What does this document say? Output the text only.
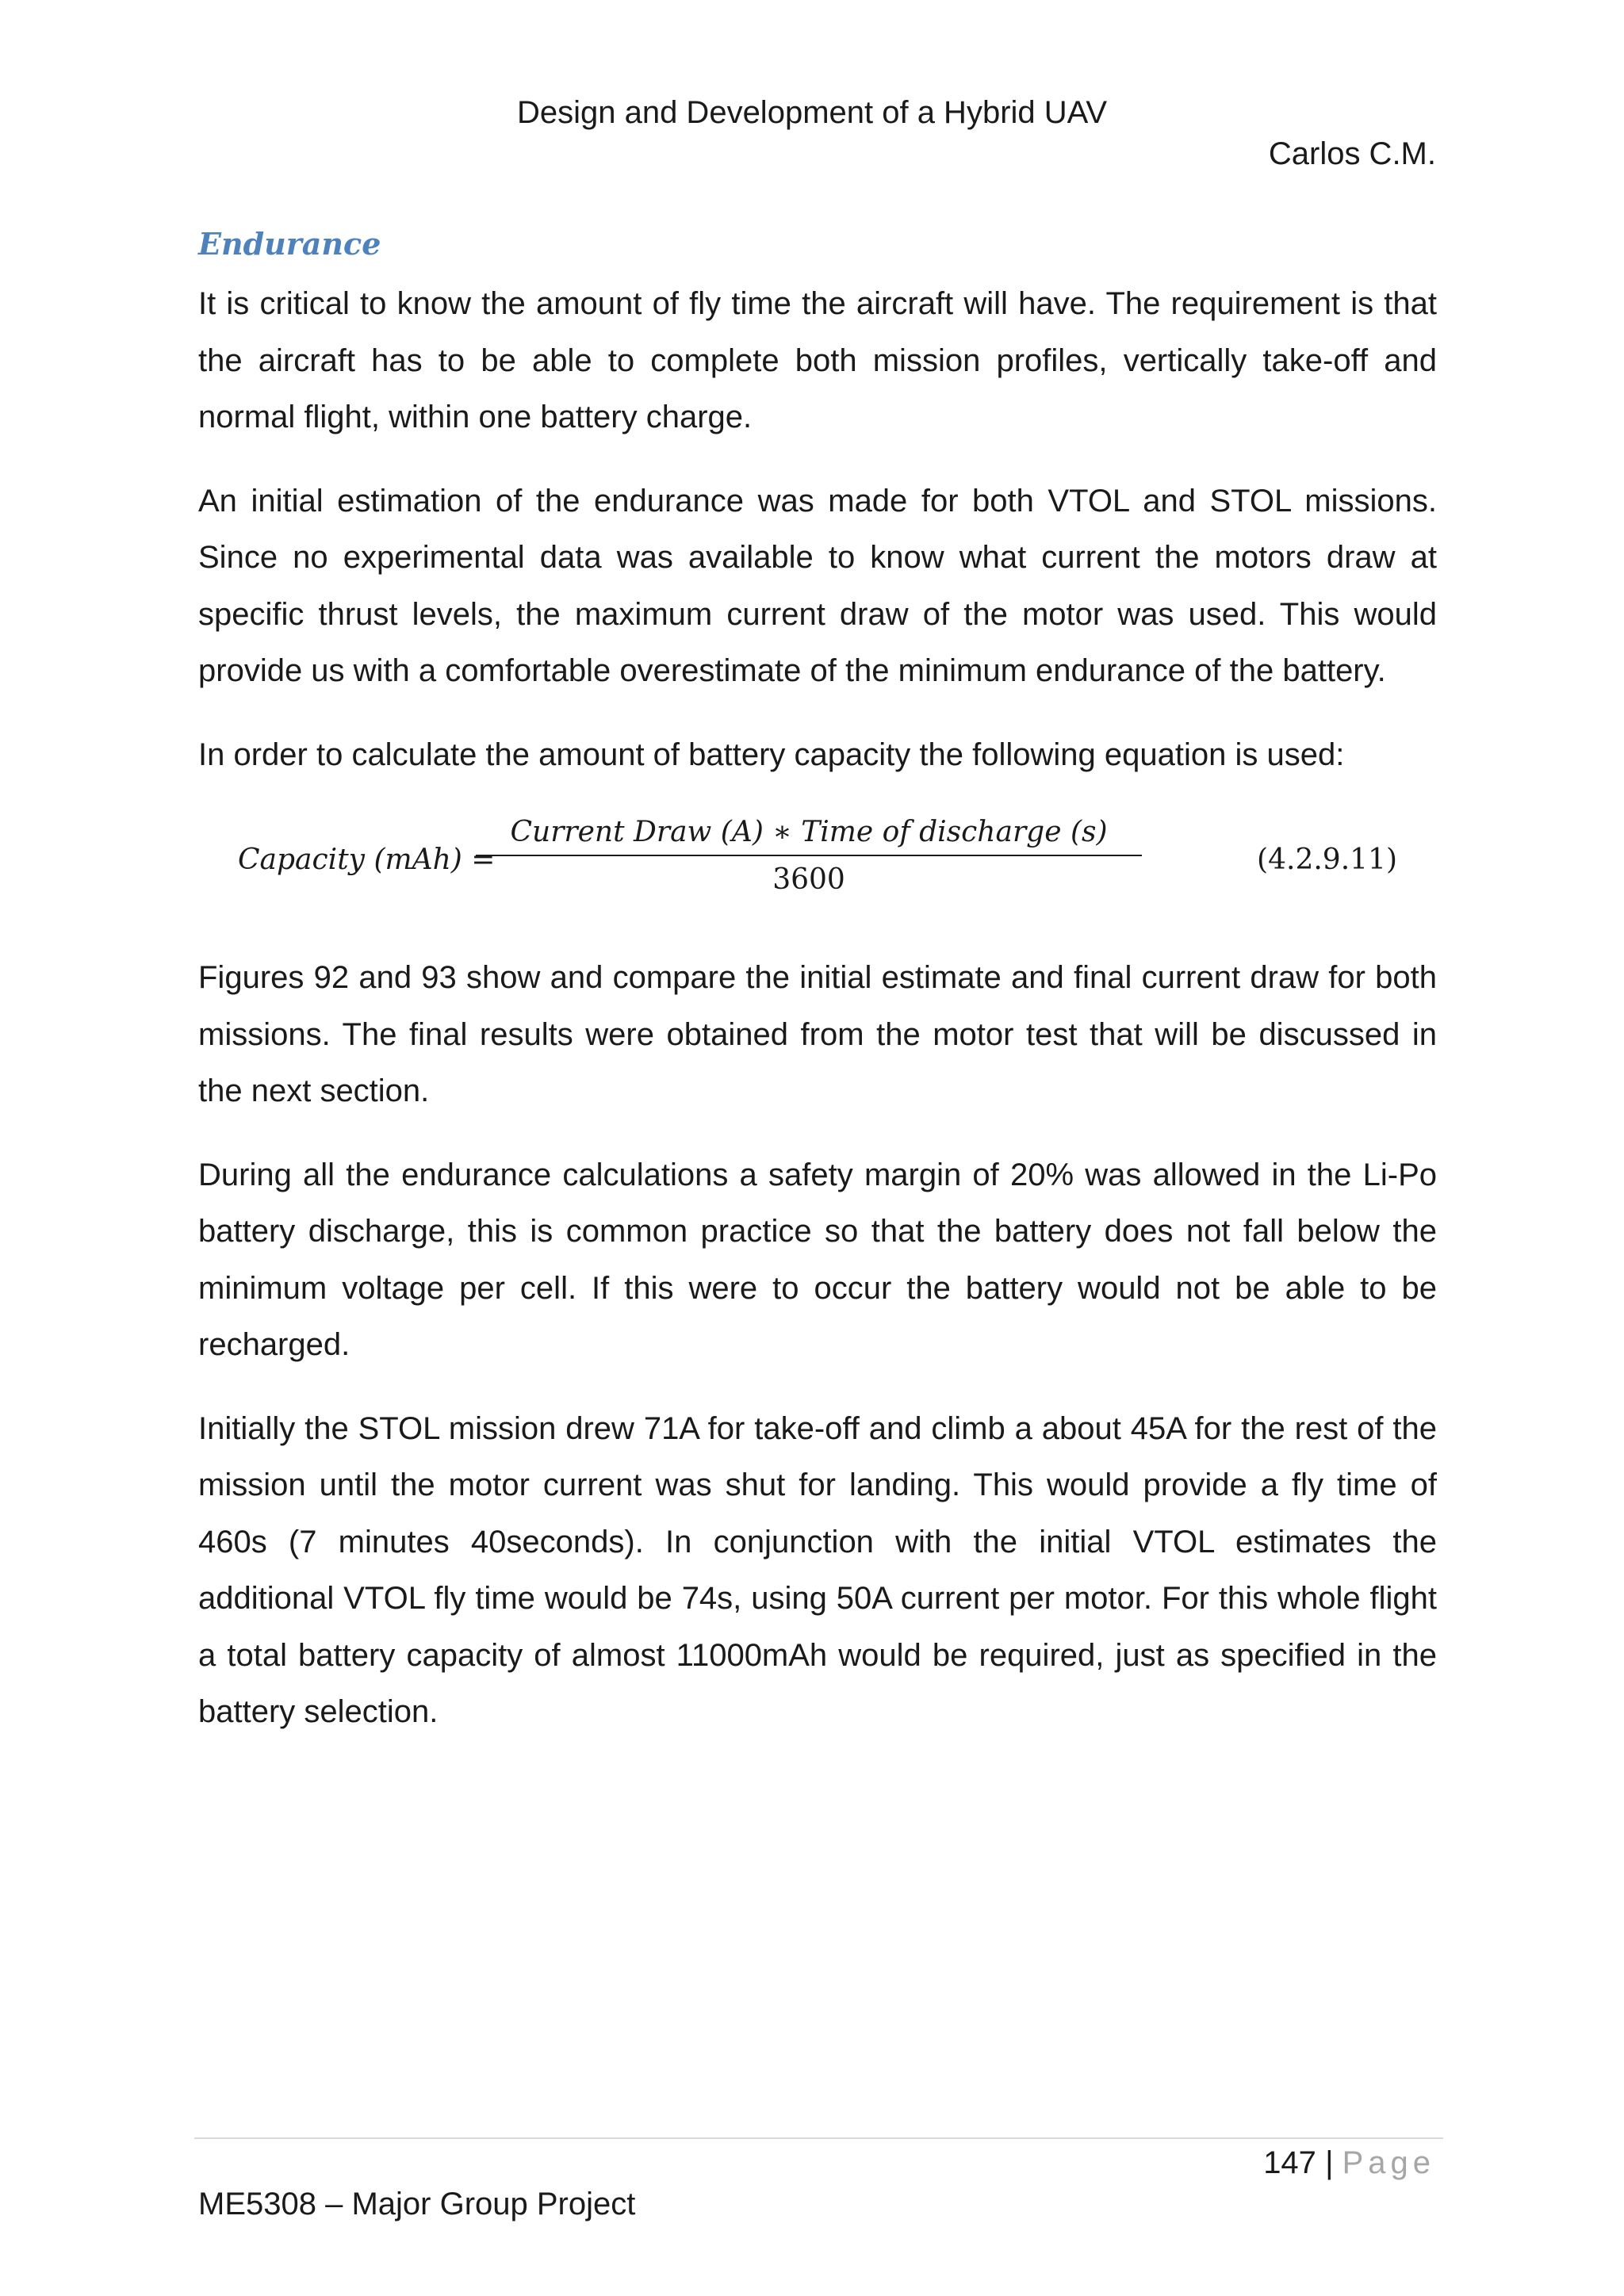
Design and Development of a Hybrid UAV
Carlos C.M.
Endurance

It is critical to know the amount of fly time the aircraft will have. The requirement is that the aircraft has to be able to complete both mission profiles, vertically take-off and normal flight, within one battery charge.

An initial estimation of the endurance was made for both VTOL and STOL missions. Since no experimental data was available to know what current the motors draw at specific thrust levels, the maximum current draw of the motor was used. This would provide us with a comfortable overestimate of the minimum endurance of the battery.

In order to calculate the amount of battery capacity the following equation is used:

Capacity (mAh) =
Current Draw (A) ∗ Time of discharge (s)
3600
(4.2.9.11)

Figures 92 and 93 show and compare the initial estimate and final current draw for both missions. The final results were obtained from the motor test that will be discussed in the next section.

During all the endurance calculations a safety margin of 20% was allowed in the Li-Po battery discharge, this is common practice so that the battery does not fall below the minimum voltage per cell. If this were to occur the battery would not be able to be recharged.

Initially the STOL mission drew 71A for take-off and climb a about 45A for the rest of the mission until the motor current was shut for landing. This would provide a fly time of 460s (7 minutes 40seconds). In conjunction with the initial VTOL estimates the additional VTOL fly time would be 74s, using 50A current per motor. For this whole flight a total battery capacity of almost 11000mAh would be required, just as specified in the battery selection.

147 | Page
ME5308 – Major Group Project
